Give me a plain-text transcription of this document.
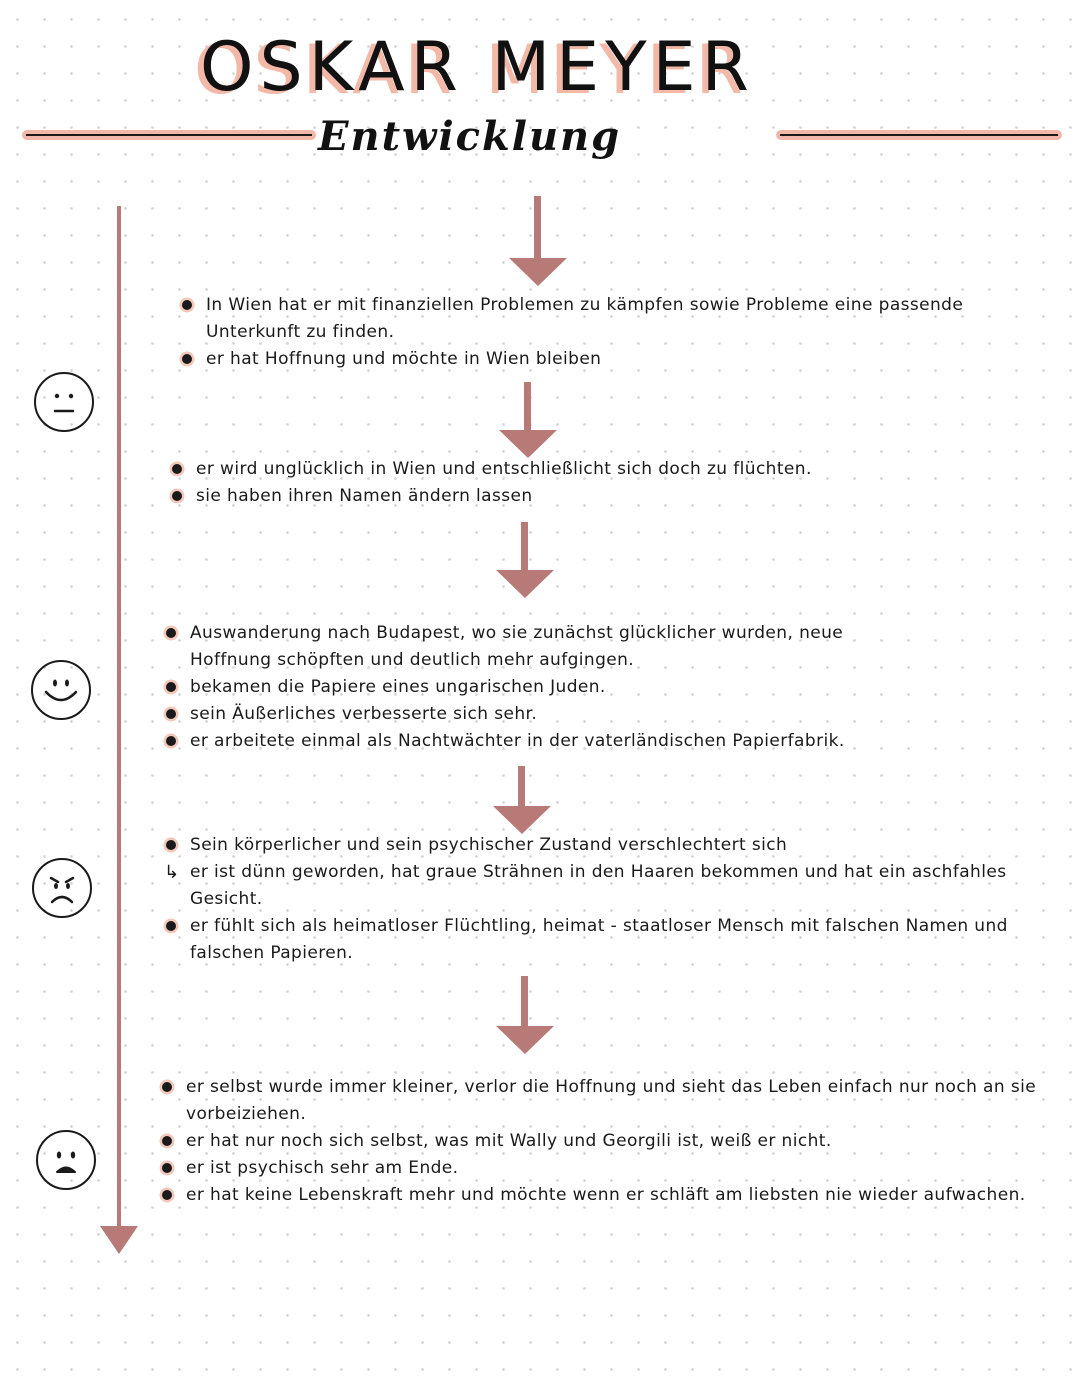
OSKAR MEYER
Entwicklung

In Wien hat er mit finanziellen Problemen zu kämpfen sowie Probleme eine passende Unterkunft zu finden.

er hat Hoffnung und möchte in Wien bleiben

er wird unglücklich in Wien und entschließlicht sich doch zu flüchten.

sie haben ihren Namen ändern lassen

Auswanderung nach Budapest, wo sie zunächst glücklicher wurden, neue Hoffnung schöpften und deutlich mehr aufgingen.

bekamen die Papiere eines ungarischen Juden.

sein Äußerliches verbesserte sich sehr.

er arbeitete einmal als Nachtwächter in der vaterländischen Papierfabrik.

Sein körperlicher und sein psychischer Zustand verschlechtert sich

↳ er ist dünn geworden, hat graue Strähnen in den Haaren bekommen und hat ein aschfahles Gesicht.

er fühlt sich als heimatloser Flüchtling, heimat - staatloser Mensch mit falschen Namen und falschen Papieren.

er selbst wurde immer kleiner, verlor die Hoffnung und sieht das Leben einfach nur noch an sie vorbeiziehen.

er hat nur noch sich selbst, was mit Wally und Georgili ist, weiß er nicht.

er ist psychisch sehr am Ende.

er hat keine Lebenskraft mehr und möchte wenn er schläft am liebsten nie wieder aufwachen.
